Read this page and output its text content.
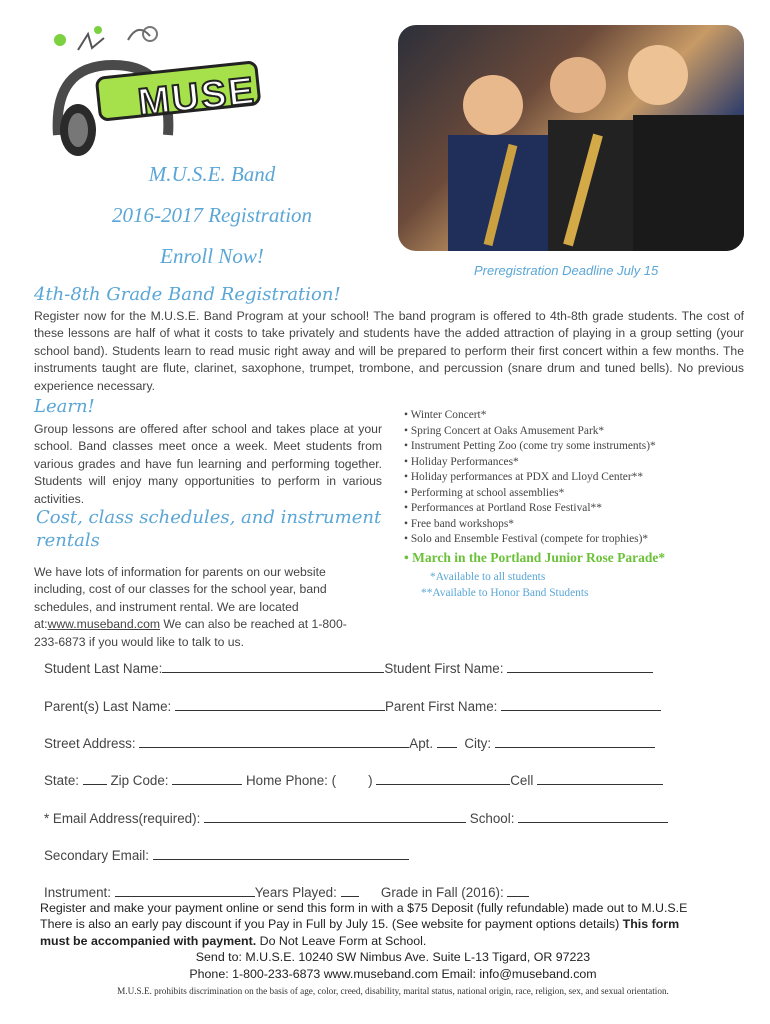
MUSE
M.U.S.E. Band
2016-2017 Registration
Enroll Now!
Preregistration Deadline July 15
4th-8th Grade Band Registration!
Register now for the M.U.S.E. Band Program at your school! The band program is offered to 4th-8th grade students. The cost of these lessons are half of what it costs to take privately and students have the added attraction of playing in a group setting (your school band). Students learn to read music right away and will be prepared to perform their first concert within a few months. The instruments taught are flute, clarinet, saxophone, trumpet, trombone, and percussion (snare drum and tuned bells). No previous experience necessary.
Learn!
Group lessons are offered after school and takes place at your school. Band classes meet once a week. Meet students from various grades and have fun learning and performing together. Students will enjoy many opportunities to perform in various activities.
Cost, class schedules, and instrument rentals
We have lots of information for parents on our website including, cost of our classes for the school year, band schedules, and instrument rental. We are located at:www.museband.com We can also be reached at 1-800-233-6873 if you would like to talk to us.
• Winter Concert*
• Spring Concert at Oaks Amusement Park*
• Instrument Petting Zoo (come try some instruments)*
• Holiday Performances*
• Holiday performances at PDX and Lloyd Center**
• Performing at school assemblies*
• Performances at Portland Rose Festival**
• Free band workshops*
• Solo and Ensemble Festival (compete for trophies)*
• March in the Portland Junior Rose Parade*
*Available to all students
**Available to Honor Band Students
Student Last Name:	Student First Name:
Parent(s) Last Name:	Parent First Name:
Street Address:	Apt. City:
State: Zip Code:	Home Phone: ( )	Cell
* Email Address(required):	School:
Secondary Email:
Instrument:	Years Played:	Grade in Fall (2016):
Register and make your payment online or send this form in with a $75 Deposit (fully refundable) made out to M.U.S.E
There is also an early pay discount if you Pay in Full by July 15. (See website for payment options details) This form
must be accompanied with payment. Do Not Leave Form at School.
Send to: M.U.S.E. 10240 SW Nimbus Ave. Suite L-13 Tigard, OR 97223
Phone: 1-800-233-6873 www.museband.com Email: info@museband.com
M.U.S.E. prohibits discrimination on the basis of age, color, creed, disability, marital status, national origin, race, religion, sex, and sexual orientation.
